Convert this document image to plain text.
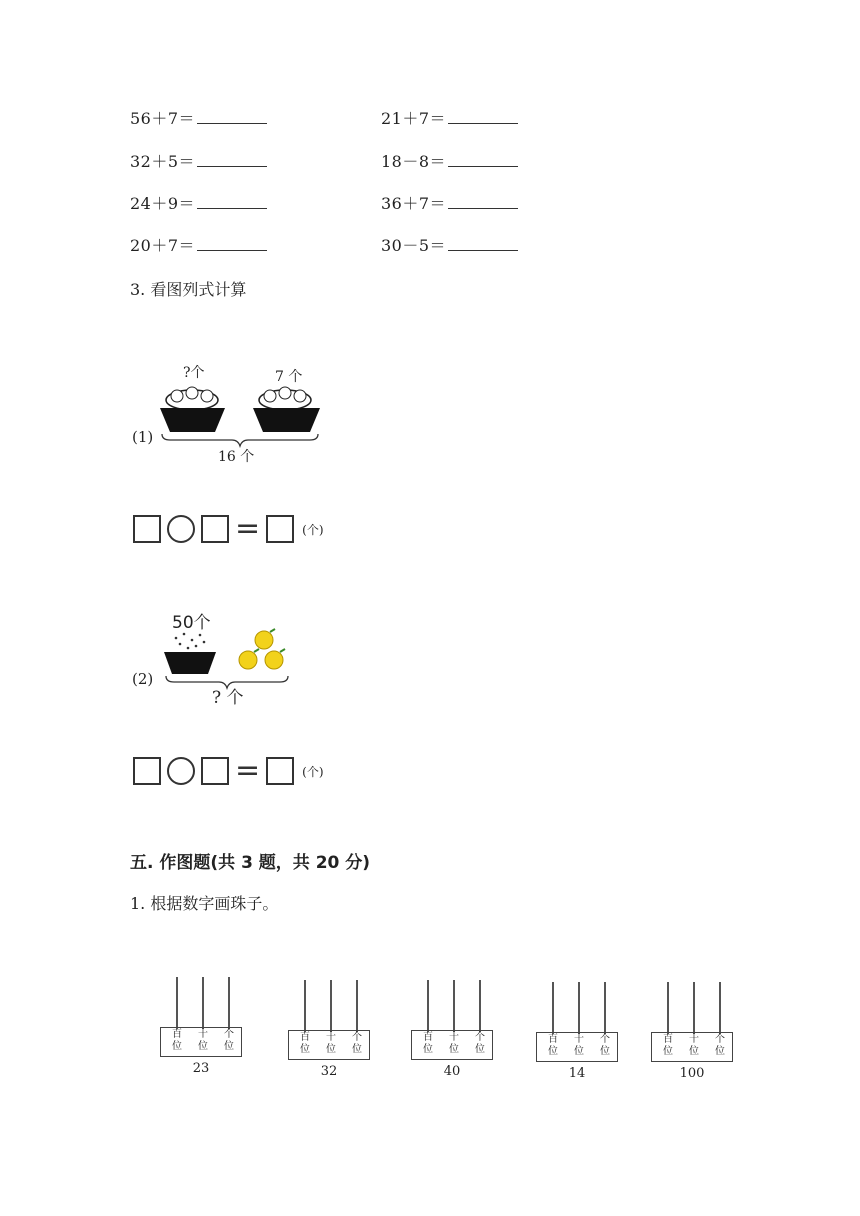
56＋7＝	21＋7＝
32＋5＝	18－8＝
24＋9＝	36＋7＝
20＋7＝	30－5＝
3. 看图列式计算
(1)
?个	7 个
16 个
=	(个)
(2)
50个
? 个
=	(个)
五. 作图题(共 3 题，共 20 分)
1. 根据数字画珠子。
百
位
十
位
个
位
23
百
位
十
位
个
位
32
百
位
十
位
个
位
40
百
位
十
位
个
位
14
百
位
十
位
个
位
100
